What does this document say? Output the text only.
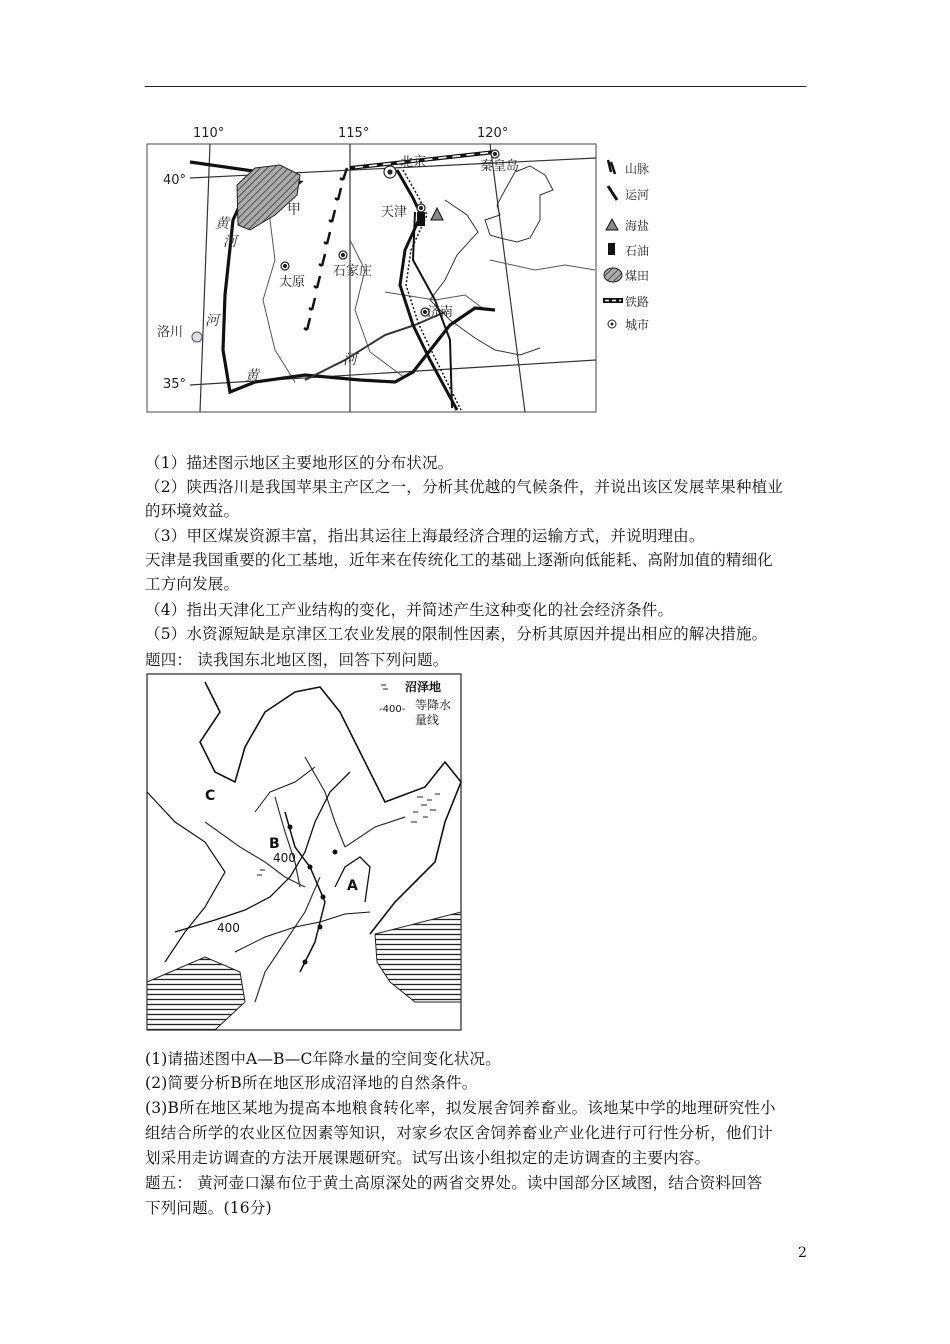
110°	115°	120°
40°
35°
北京	秦皇岛
天津
石家庄
太原
济南
洛川
甲
黄
河
河
黄
河
山脉
运河
海盐
石油
煤田
铁路
城市
（1）描述图示地区主要地形区的分布状况。
（2）陕西洛川是我国苹果主产区之一，分析其优越的气候条件，并说出该区发展苹果种植业
的环境效益。
（3）甲区煤炭资源丰富，指出其运往上海最经济合理的运输方式，并说明理由。
天津是我国重要的化工基地，近年来在传统化工的基础上逐渐向低能耗、高附加值的精细化
工方向发展。
（4）指出天津化工产业结构的变化，并简述产生这种变化的社会经济条件。
（5）水资源短缺是京津区工农业发展的限制性因素，分析其原因并提出相应的解决措施。
题四： 读我国东北地区图，回答下列问题。
C
B
A
400
400
沼泽地
-400- 等降水
量线
(1)请描述图中A—B—C年降水量的空间变化状况。
(2)简要分析B所在地区形成沼泽地的自然条件。
(3)B所在地区某地为提高本地粮食转化率，拟发展舍饲养畜业。该地某中学的地理研究性小
组结合所学的农业区位因素等知识，对家乡农区舍饲养畜业产业化进行可行性分析，他们计
划采用走访调查的方法开展课题研究。试写出该小组拟定的走访调查的主要内容。
题五： 黄河壶口瀑布位于黄土高原深处的两省交界处。读中国部分区域图，结合资料回答
下列问题。(16分)
2
